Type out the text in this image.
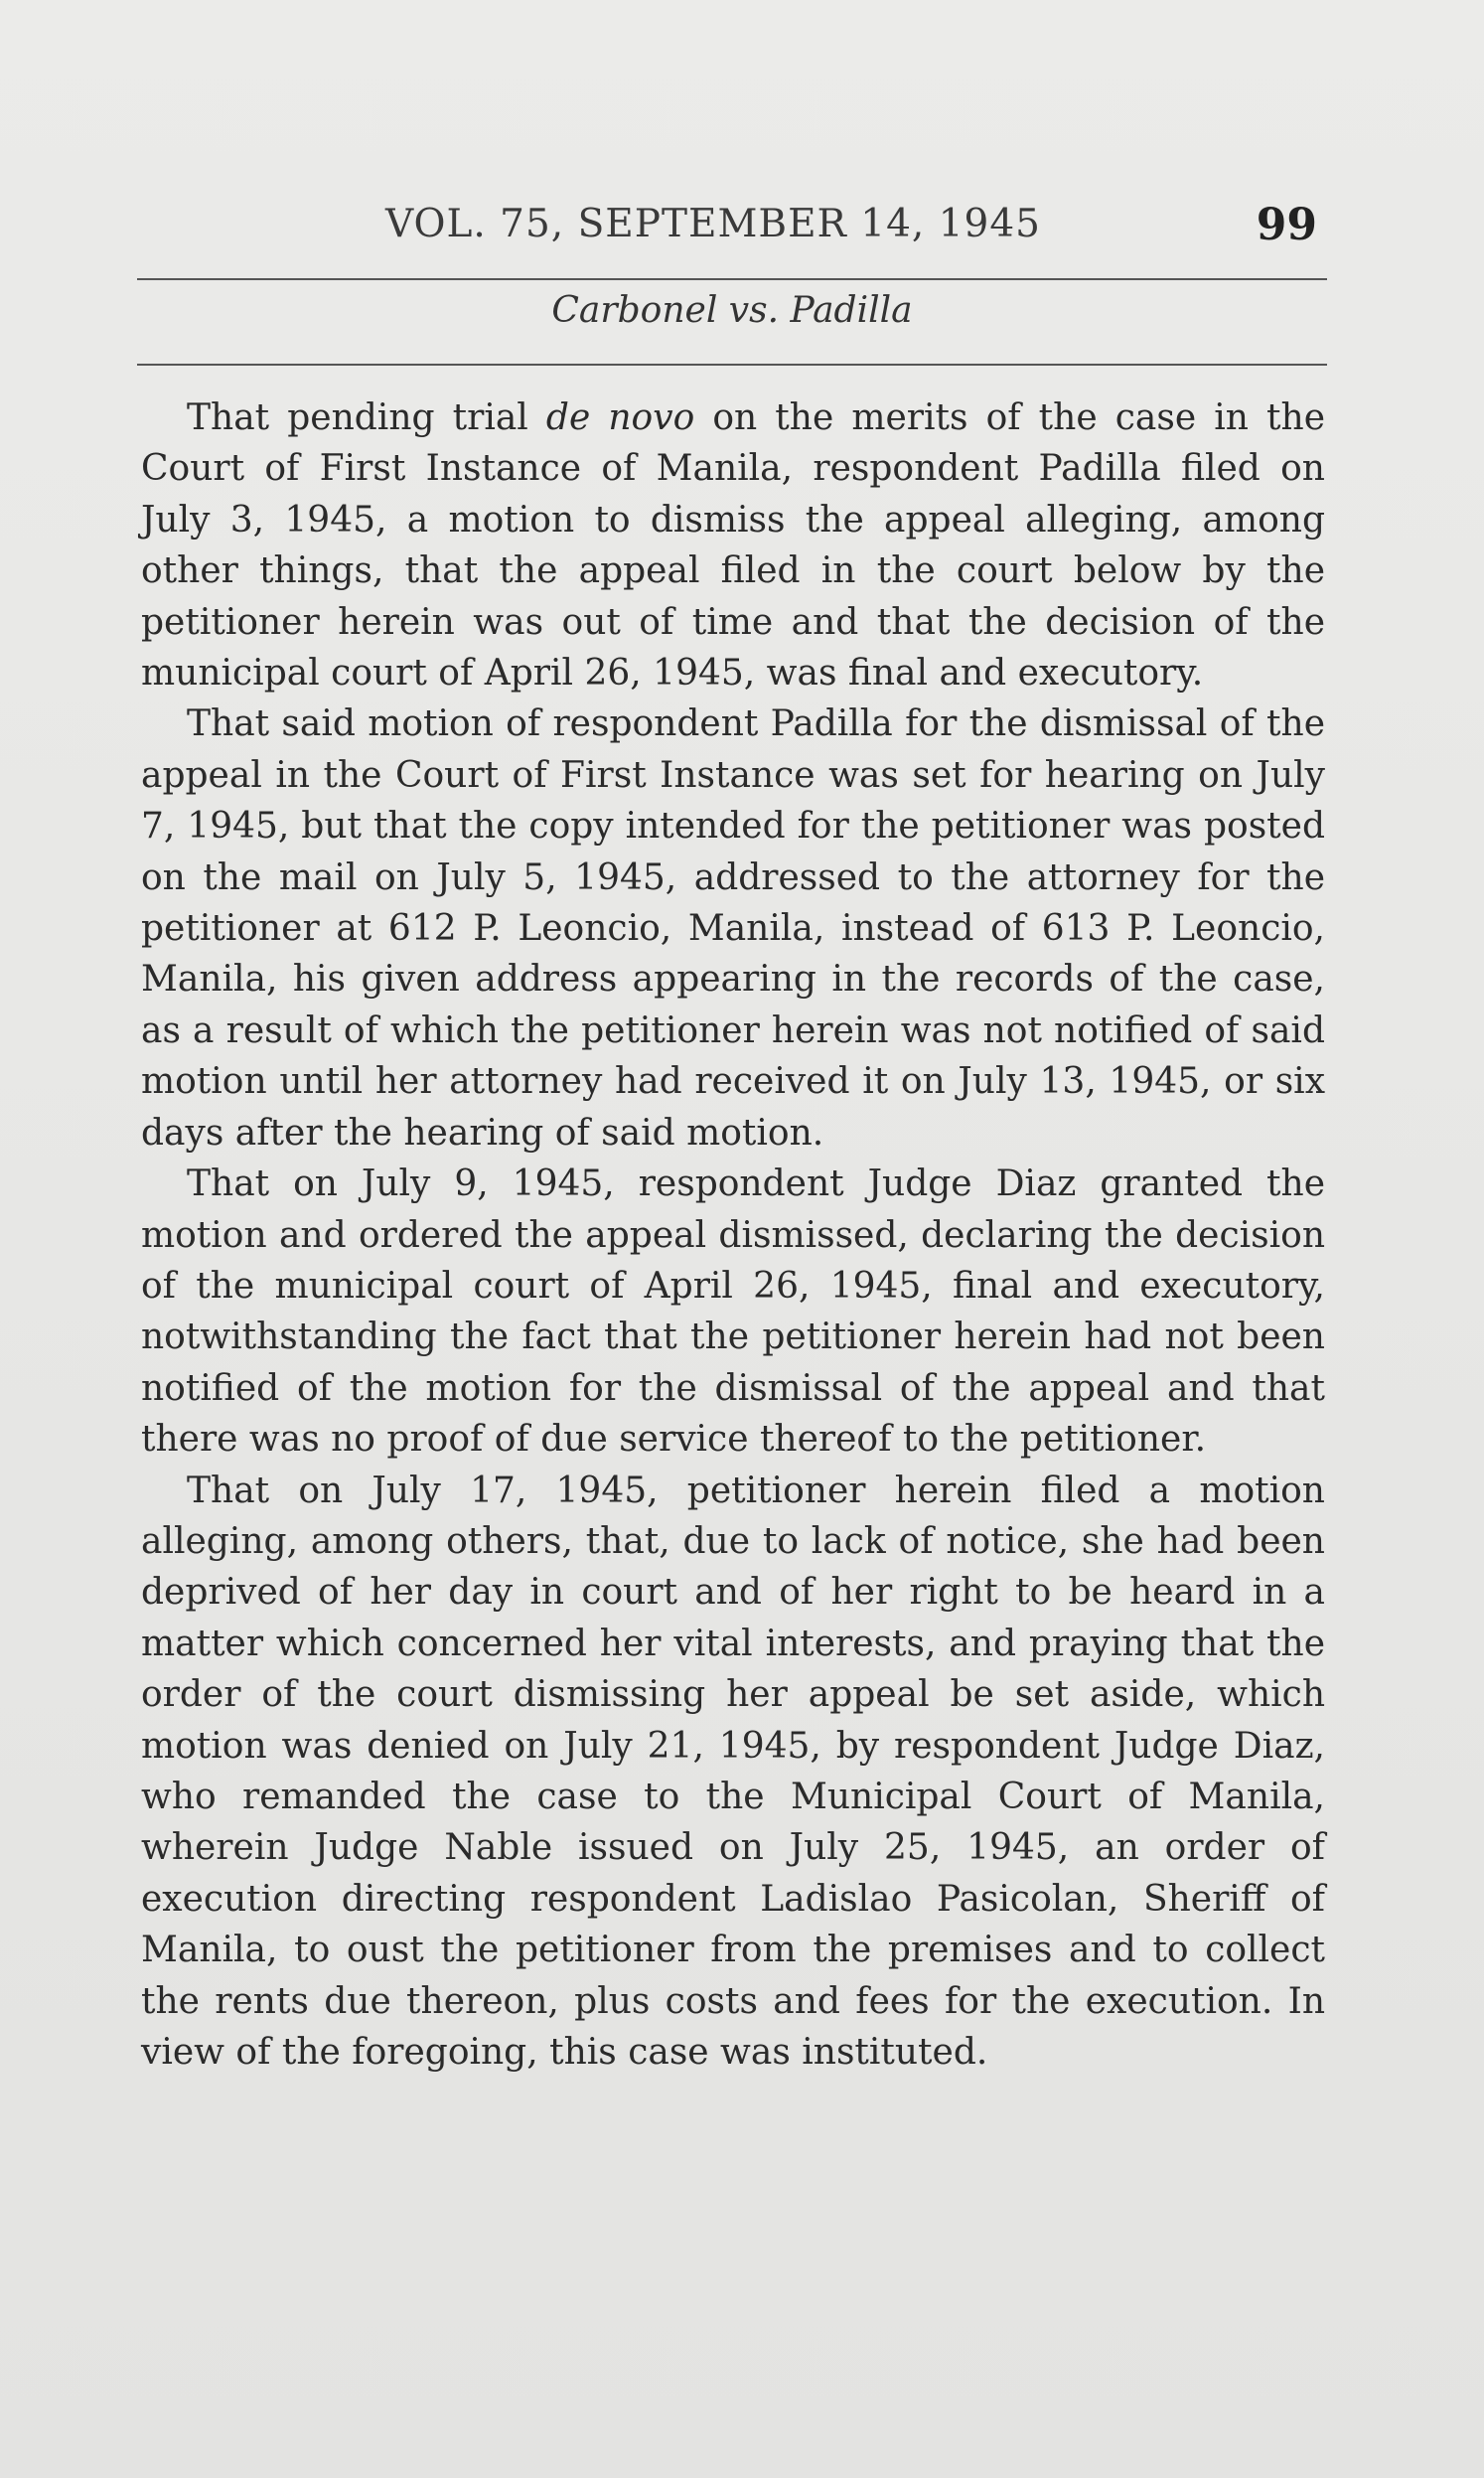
VOL. 75, SEPTEMBER 14, 1945	99
Carbonel vs. Padilla

That pending trial de novo on the merits of the case in the Court of First Instance of Manila, respondent Padilla filed on July 3, 1945, a motion to dismiss the appeal alleging, among other things, that the appeal filed in the court below by the petitioner herein was out of time and that the decision of the municipal court of April 26, 1945, was final and executory.

That said motion of respondent Padilla for the dismissal of the appeal in the Court of First Instance was set for hearing on July 7, 1945, but that the copy intended for the petitioner was posted on the mail on July 5, 1945, addressed to the attorney for the petitioner at 612 P. Leoncio, Manila, instead of 613 P. Leoncio, Manila, his given address appearing in the records of the case, as a result of which the petitioner herein was not notified of said motion until her attorney had received it on July 13, 1945, or six days after the hearing of said motion.

That on July 9, 1945, respondent Judge Diaz granted the motion and ordered the appeal dismissed, declaring the decision of the municipal court of April 26, 1945, final and executory, notwithstanding the fact that the petitioner herein had not been notified of the motion for the dismissal of the appeal and that there was no proof of due service thereof to the petitioner.

That on July 17, 1945, petitioner herein filed a motion alleging, among others, that, due to lack of notice, she had been deprived of her day in court and of her right to be heard in a matter which concerned her vital interests, and praying that the order of the court dismissing her appeal be set aside, which motion was denied on July 21, 1945, by respondent Judge Diaz, who remanded the case to the Municipal Court of Manila, wherein Judge Nable issued on July 25, 1945, an order of execution directing respondent Ladislao Pasicolan, Sheriff of Manila, to oust the petitioner from the premises and to collect the rents due thereon, plus costs and fees for the execution. In view of the foregoing, this case was instituted.
